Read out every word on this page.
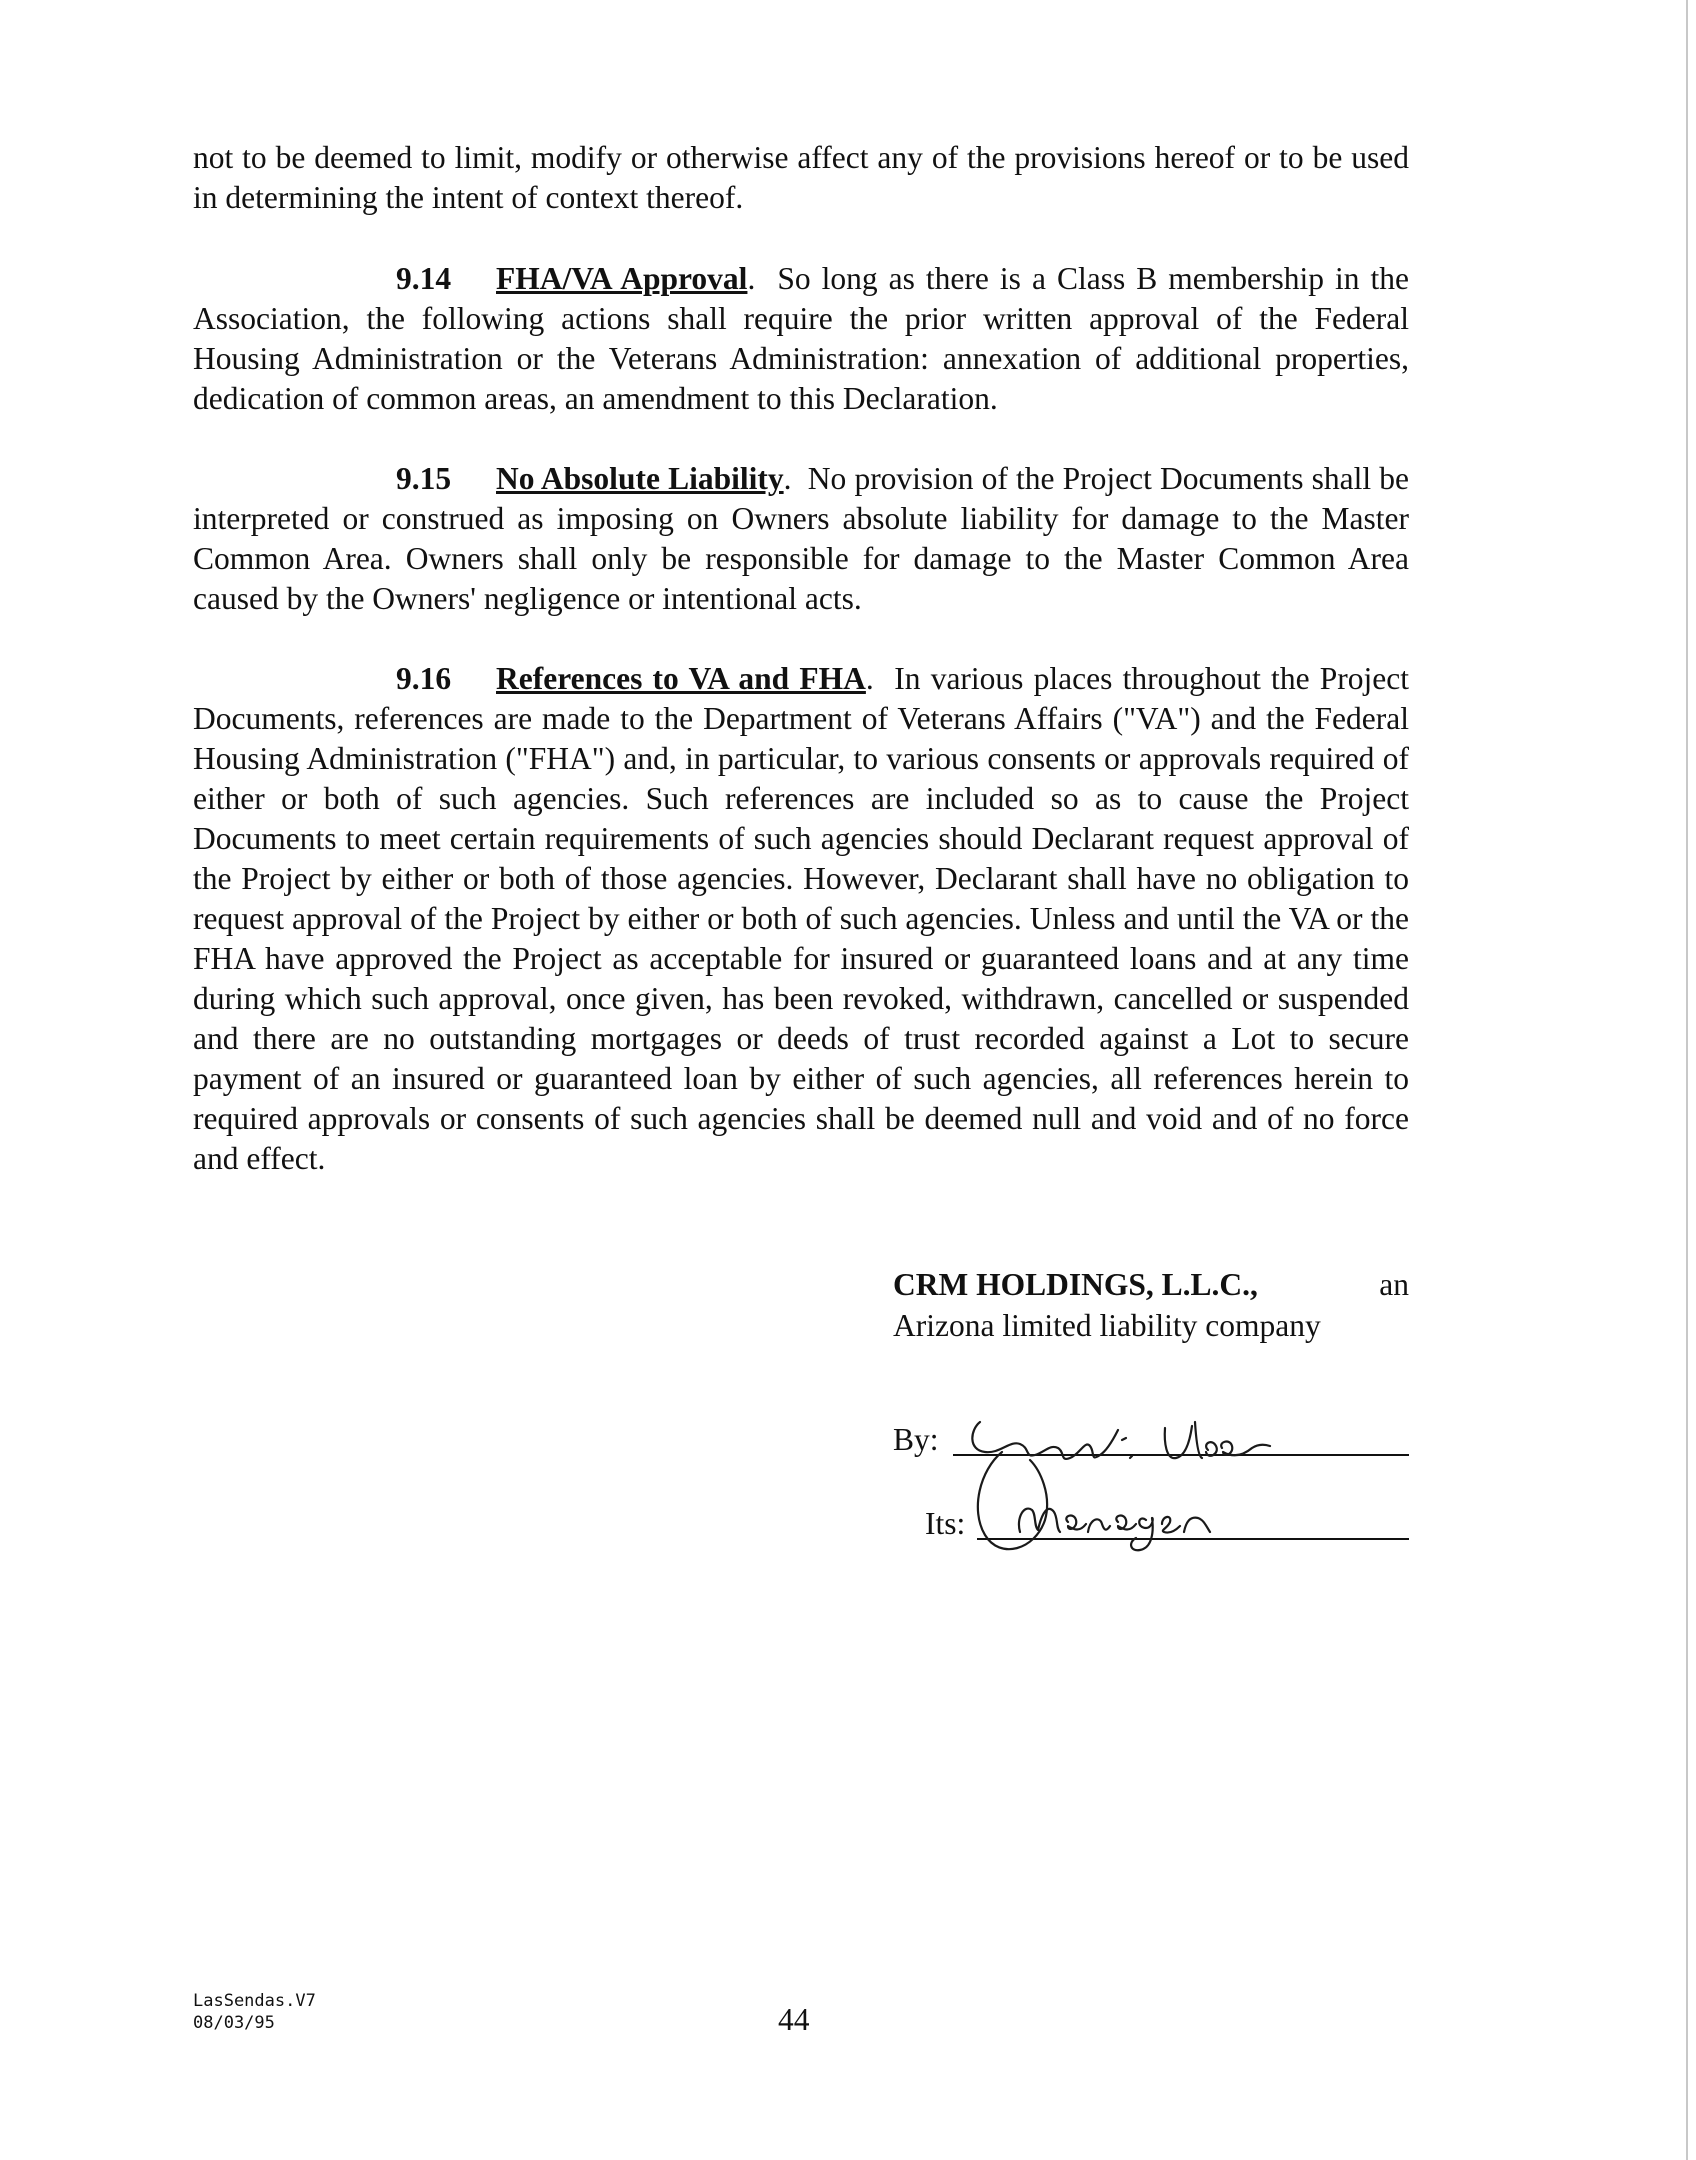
not to be deemed to limit, modify or otherwise affect any of the provisions hereof or to be used in determining the intent of context thereof.

9.14 FHA/VA Approval.  So long as there is a Class B membership in the Association, the following actions shall require the prior written approval of the Federal Housing Administration or the Veterans Administration: annexation of additional properties, dedication of common areas, an amendment to this Declaration.

9.15 No Absolute Liability.  No provision of the Project Documents shall be interpreted or construed as imposing on Owners absolute liability for damage to the Master Common Area. Owners shall only be responsible for damage to the Master Common Area caused by the Owners' negligence or intentional acts.

9.16 References to VA and FHA.  In various places throughout the Project Documents, references are made to the Department of Veterans Affairs ("VA") and the Federal Housing Administration ("FHA") and, in particular, to various consents or approvals required of either or both of such agencies. Such references are included so as to cause the Project Documents to meet certain requirements of such agencies should Declarant request approval of the Project by either or both of those agencies. However, Declarant shall have no obligation to request approval of the Project by either or both of such agencies. Unless and until the VA or the FHA have approved the Project as acceptable for insured or guaranteed loans and at any time during which such approval, once given, has been revoked, withdrawn, cancelled or suspended and there are no outstanding mortgages or deeds of trust recorded against a Lot to secure payment of an insured or guaranteed loan by either of such agencies, all references herein to required approvals or consents of such agencies shall be deemed null and void and of no force and effect.

CRM HOLDINGS, L.L.C.,	an
Arizona limited liability company
By:
Its:
LasSendas.V7
08/03/95	44
